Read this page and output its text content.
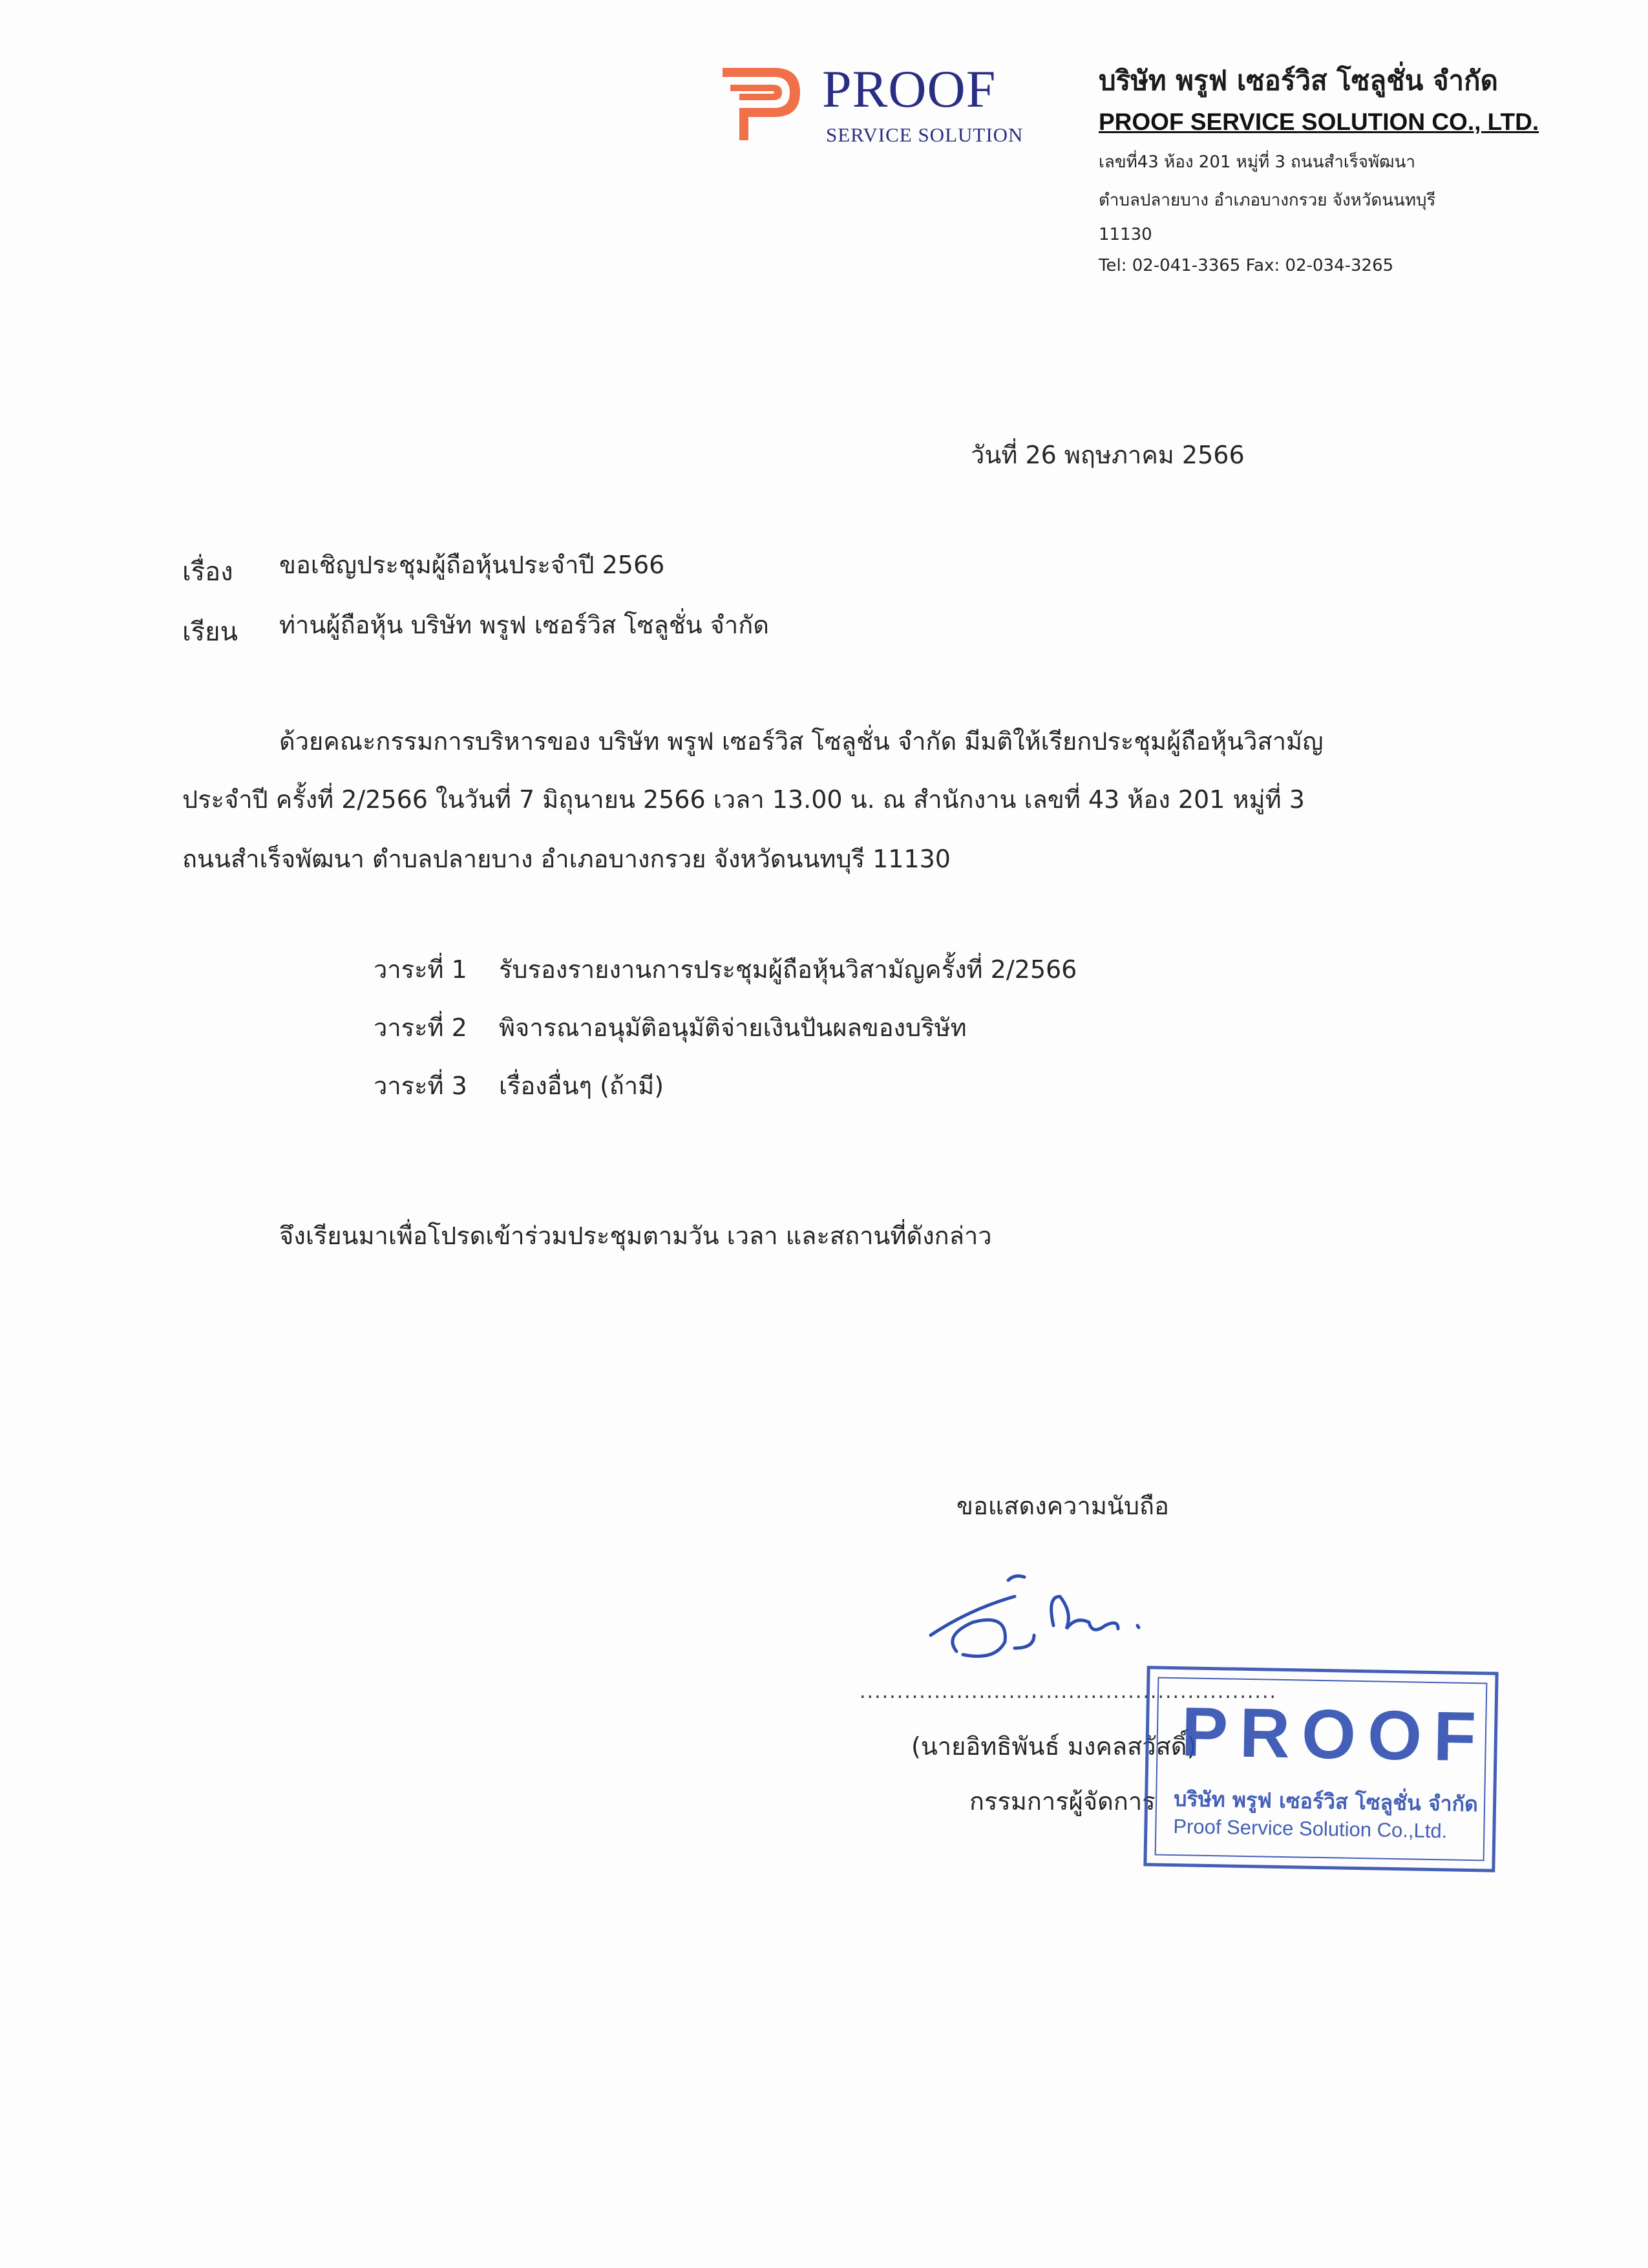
PROOF
SERVICE SOLUTION
บริษัท พรูฟ เซอร์วิส โซลูชั่น จำกัด
PROOF SERVICE SOLUTION CO., LTD.
เลขที่43 ห้อง 201 หมู่ที่ 3 ถนนสำเร็จพัฒนา
ตำบลปลายบาง อำเภอบางกรวย จังหวัดนนทบุรี
11130
Tel: 02-041-3365 Fax: 02-034-3265
วันที่ 26 พฤษภาคม 2566
เรื่อง ขอเชิญประชุมผู้ถือหุ้นประจำปี 2566
เรียน ท่านผู้ถือหุ้น บริษัท พรูฟ เซอร์วิส โซลูชั่น จำกัด
ด้วยคณะกรรมการบริหารของ บริษัท พรูฟ เซอร์วิส โซลูชั่น จำกัด มีมติให้เรียกประชุมผู้ถือหุ้นวิสามัญ
ประจำปี ครั้งที่ 2/2566 ในวันที่ 7 มิถุนายน 2566 เวลา 13.00 น. ณ สำนักงาน เลขที่ 43 ห้อง 201 หมู่ที่ 3
ถนนสำเร็จพัฒนา ตำบลปลายบาง อำเภอบางกรวย จังหวัดนนทบุรี 11130
วาระที่ 1 รับรองรายงานการประชุมผู้ถือหุ้นวิสามัญครั้งที่ 2/2566
วาระที่ 2 พิจารณาอนุมัติอนุมัติจ่ายเงินปันผลของบริษัท
วาระที่ 3 เรื่องอื่นๆ (ถ้ามี)
จึงเรียนมาเพื่อโปรดเข้าร่วมประชุมตามวัน เวลา และสถานที่ดังกล่าว
ขอแสดงความนับถือ
........................................................
(นายอิทธิพันธ์ มงคลสวัสดิ์)
กรรมการผู้จัดการ
PROOF
บริษัท พรูฟ เซอร์วิส โซลูชั่น จำกัด
Proof Service Solution Co.,Ltd.
